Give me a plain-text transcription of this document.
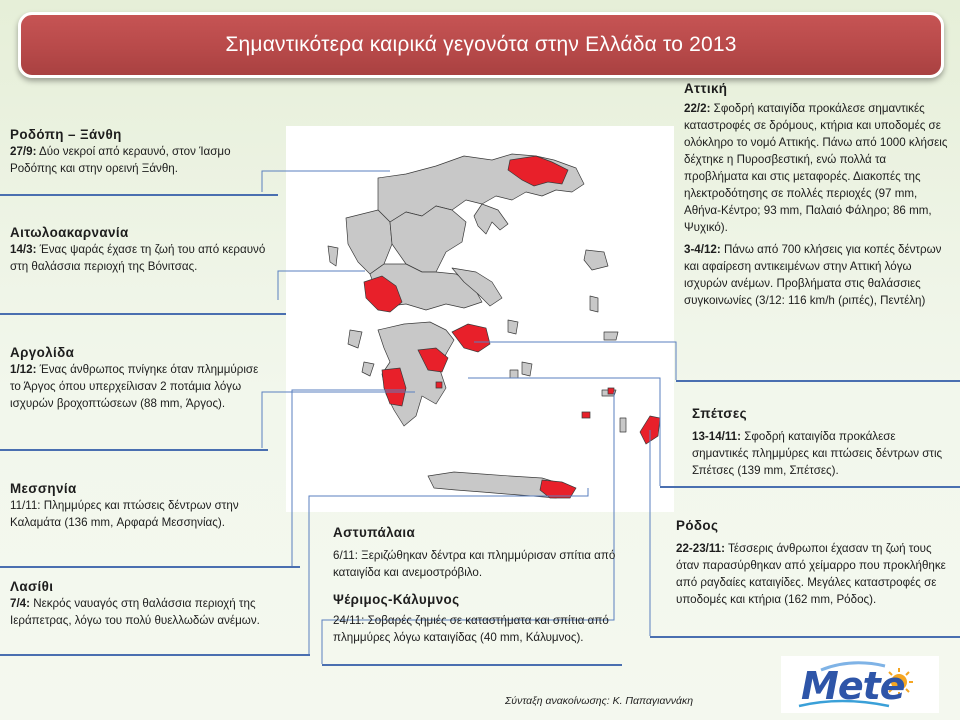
Σημαντικότερα καιρικά γεγονότα στην Ελλάδα το 2013
Ροδόπη – Ξάνθη

27/9: Δύο νεκροί από κεραυνό, στον Ίασμο Ροδόπης και στην ορεινή Ξάνθη.

Αιτωλοακαρνανία

14/3: Ένας ψαράς έχασε τη ζωή του από κεραυνό στη θαλάσσια περιοχή της Βόνιτσας.

Αργολίδα

1/12: Ένας άνθρωπος πνίγηκε όταν πλημμύρισε το Άργος όπου υπερχείλισαν 2 ποτάμια λόγω ισχυρών βροχοπτώσεων (88 mm, Άργος).

Μεσσηνία

11/11: Πλημμύρες και πτώσεις δέντρων στην Καλαμάτα (136 mm, Αρφαρά Μεσσηνίας).

Λασίθι

7/4: Νεκρός ναυαγός στη θαλάσσια περιοχή της Ιεράπετρας, λόγω του πολύ θυελλωδών ανέμων.

Αττική

22/2: Σφοδρή καταιγίδα προκάλεσε σημαντικές καταστροφές σε δρόμους, κτήρια και υποδομές σε ολόκληρο το νομό Αττικής. Πάνω από 1000 κλήσεις δέχτηκε η Πυροσβεστική, ενώ πολλά τα προβλήματα και στις μεταφορές. Διακοπές της ηλεκτροδότησης σε πολλές περιοχές (97 mm, Αθήνα-Κέντρο; 93 mm, Παλαιό Φάληρο; 86 mm, Ψυχικό).

3-4/12: Πάνω από 700 κλήσεις για κοπές δέντρων και αφαίρεση αντικειμένων στην Αττική λόγω ισχυρών ανέμων. Προβλήματα στις θαλάσσιες συγκοινωνίες (3/12: 116 km/h (ριπές), Πεντέλη)

Σπέτσες

13-14/11: Σφοδρή καταιγίδα προκάλεσε σημαντικές πλημμύρες και πτώσεις δέντρων στις Σπέτσες (139 mm, Σπέτσες).

Ρόδος

22-23/11: Τέσσερις άνθρωποι έχασαν τη ζωή τους όταν παρασύρθηκαν από χείμαρρο που προκλήθηκε από ραγδαίες καταιγίδες. Μεγάλες καταστροφές σε υποδομές και κτήρια (162 mm, Ρόδος).

Αστυπάλαια

6/11: Ξεριζώθηκαν δέντρα και πλημμύρισαν σπίτια από καταιγίδα και ανεμοστρόβιλο.

Ψέριμος-Κάλυμνος

24/11: Σοβαρές ζημιές σε καταστήματα και σπίτια από πλημμύρες λόγω καταιγίδας (40 mm, Κάλυμνος).

Σύνταξη ανακοίνωσης: Κ. Παπαγιαννάκη	Mete
